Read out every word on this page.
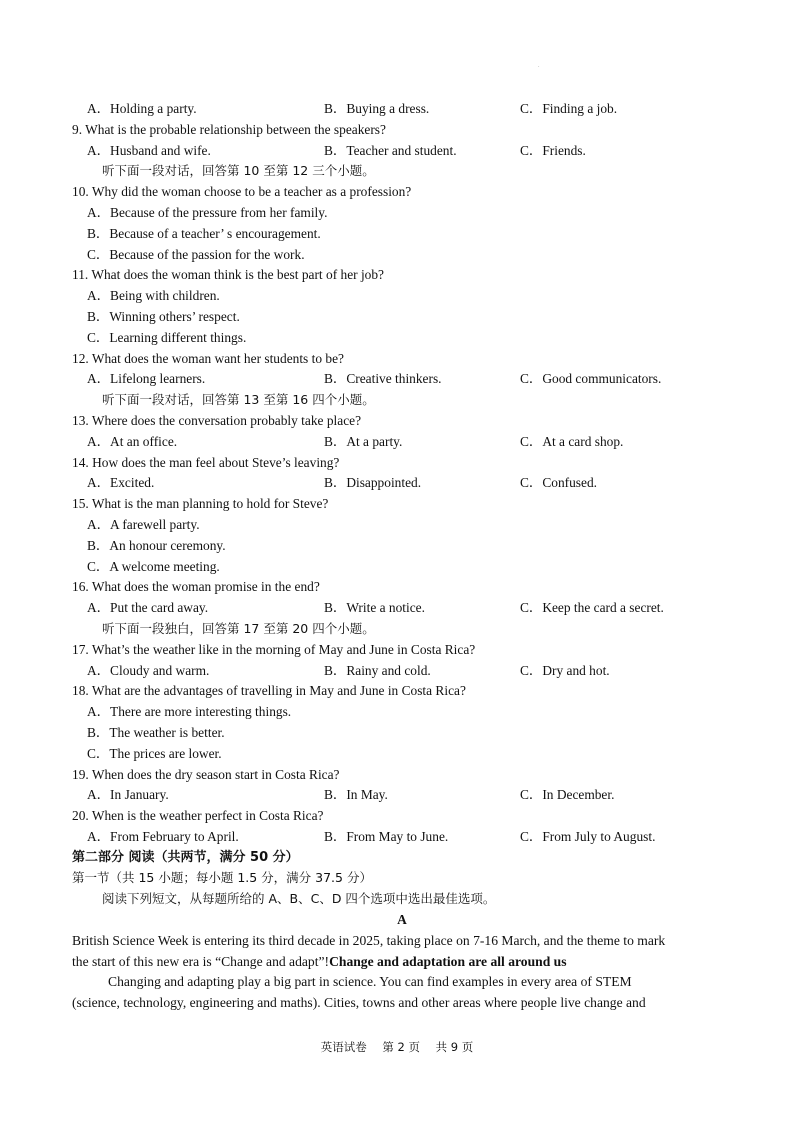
.
A．Holding a party.	B．Buying a dress.	C．Finding a job.
9. What is the probable relationship between the speakers?
A．Husband and wife.	B．Teacher and student.	C．Friends.
听下面一段对话，回答第 10 至第 12 三个小题。
10. Why did the woman choose to be a teacher as a profession?
A．Because of the pressure from her family.
B．Because of a teacher’ s encouragement.
C．Because of the passion for the work.
11. What does the woman think is the best part of her job?
A．Being with children.
B．Winning others’ respect.
C．Learning different things.
12. What does the woman want her students to be?
A．Lifelong learners.	B．Creative thinkers.	C．Good communicators.
听下面一段对话，回答第 13 至第 16 四个小题。
13. Where does the conversation probably take place?
A．At an office.	B．At a party.	C．At a card shop.
14. How does the man feel about Steve’s leaving?
A．Excited.	B．Disappointed.	C．Confused.
15. What is the man planning to hold for Steve?
A．A farewell party.
B．An honour ceremony.
C．A welcome meeting.
16. What does the woman promise in the end?
A．Put the card away.	B．Write a notice.	C．Keep the card a secret.
听下面一段独白，回答第 17 至第 20 四个小题。
17. What’s the weather like in the morning of May and June in Costa Rica?
A．Cloudy and warm.	B．Rainy and cold.	C．Dry and hot.
18. What are the advantages of travelling in May and June in Costa Rica?
A．There are more interesting things.
B．The weather is better.
C．The prices are lower.
19. When does the dry season start in Costa Rica?
A．In January.	B．In May.	C．In December.
20. When is the weather perfect in Costa Rica?
A．From February to April.	B．From May to June.	C．From July to August.
第二部分 阅读（共两节，满分 50 分）
第一节（共 15 小题；每小题 1.5 分，满分 37.5 分）
阅读下列短文，从每题所给的 A、B、C、D 四个选项中选出最佳选项。
A
British Science Week is entering its third decade in 2025, taking place on 7-16 March, and the theme to mark
the start of this new era is “Change and adapt”!Change and adaptation are all around us
Changing and adapting play a big part in science. You can find examples in every area of STEM
(science, technology, engineering and maths). Cities, towns and other areas where people live change and
英语试卷 第 2 页 共 9 页
